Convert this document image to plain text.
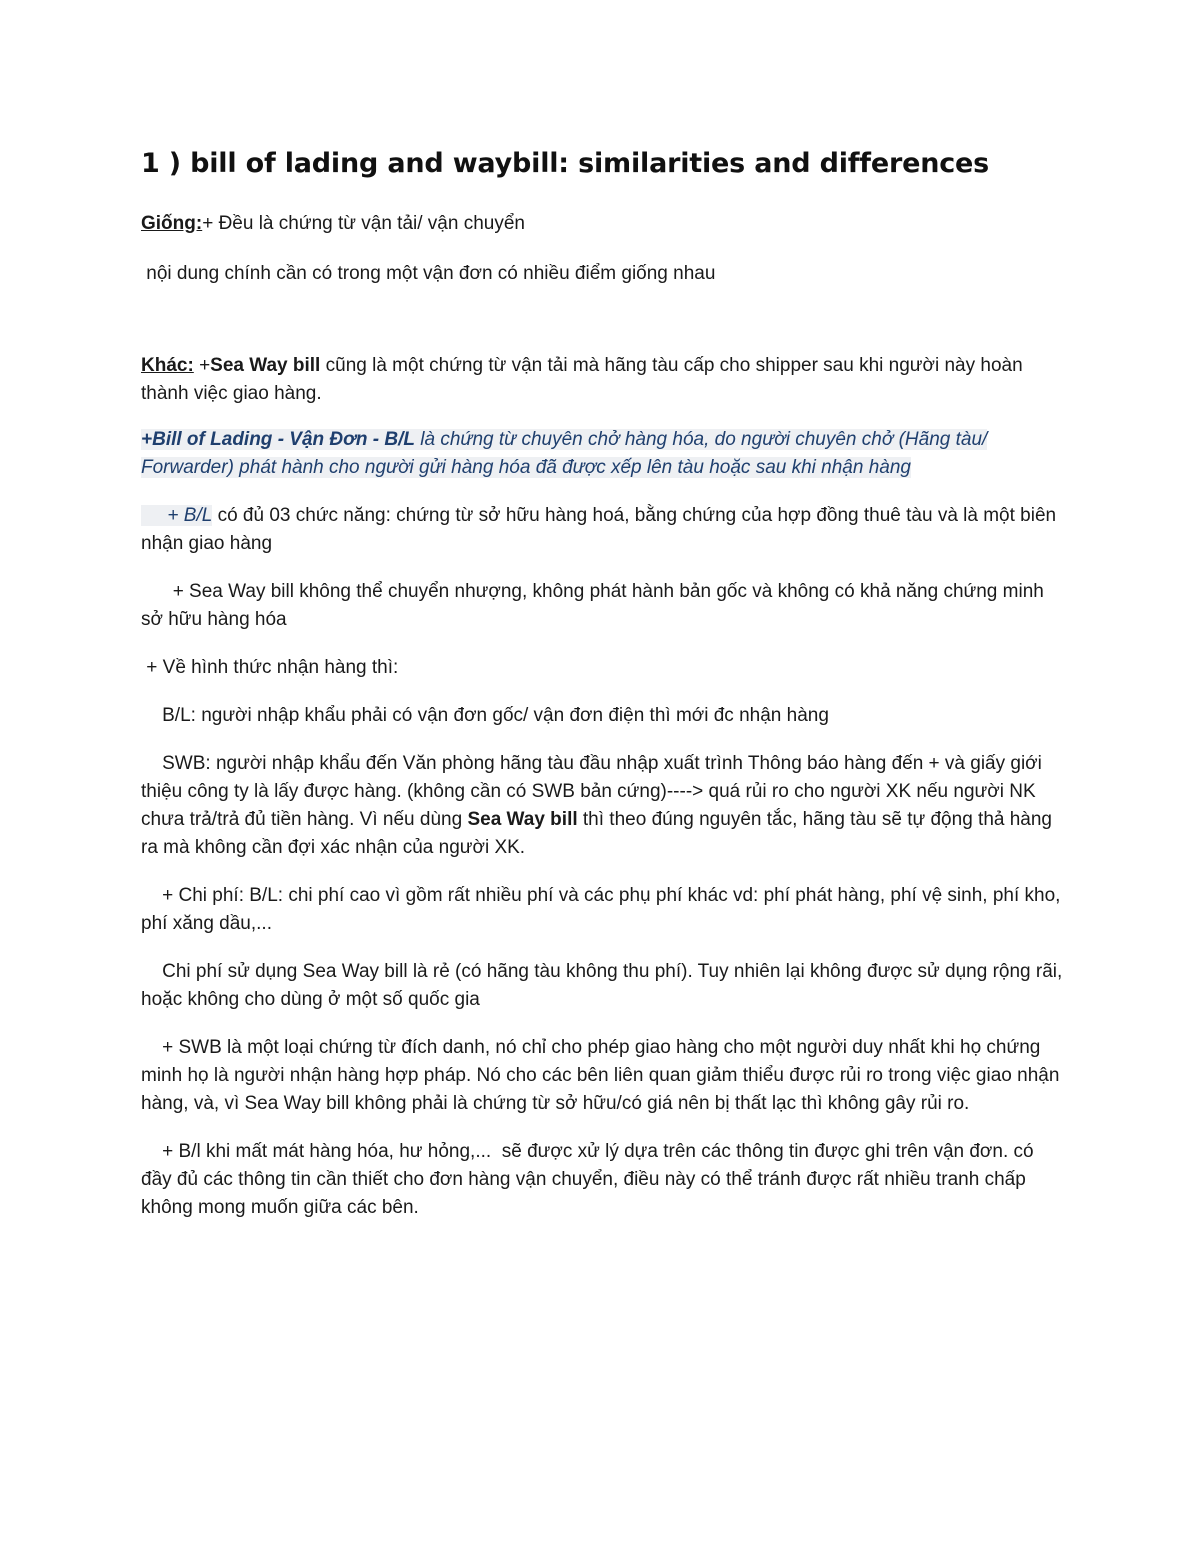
1 ) bill of lading and waybill: similarities and differences

Giống:+ Đều là chứng từ vận tải/ vận chuyển

nội dung chính cần có trong một vận đơn có nhiều điểm giống nhau

Khác: +Sea Way bill cũng là một chứng từ vận tải mà hãng tàu cấp cho shipper sau khi người này hoàn thành việc giao hàng.

+Bill of Lading - Vận Đơn - B/L là chứng từ chuyên chở hàng hóa, do người chuyên chở (Hãng tàu/ Forwarder) phát hành cho người gửi hàng hóa đã được xếp lên tàu hoặc sau khi nhận hàng

+ B/L có đủ 03 chức năng: chứng từ sở hữu hàng hoá, bằng chứng của hợp đồng thuê tàu và là một biên nhận giao hàng

+ Sea Way bill không thể chuyển nhượng, không phát hành bản gốc và không có khả năng chứng minh sở hữu hàng hóa

+ Về hình thức nhận hàng thì:

B/L: người nhập khẩu phải có vận đơn gốc/ vận đơn điện thì mới đc nhận hàng

SWB: người nhập khẩu đến Văn phòng hãng tàu đầu nhập xuất trình Thông báo hàng đến + và giấy giới thiệu công ty là lấy được hàng. (không cần có SWB bản cứng)----> quá rủi ro cho người XK nếu người NK chưa trả/trả đủ tiền hàng. Vì nếu dùng Sea Way bill thì theo đúng nguyên tắc, hãng tàu sẽ tự động thả hàng ra mà không cần đợi xác nhận của người XK.

+ Chi phí: B/L: chi phí cao vì gồm rất nhiều phí và các phụ phí khác vd: phí phát hàng, phí vệ sinh, phí kho, phí xăng dầu,...

Chi phí sử dụng Sea Way bill là rẻ (có hãng tàu không thu phí). Tuy nhiên lại không được sử dụng rộng rãi, hoặc không cho dùng ở một số quốc gia

+ SWB là một loại chứng từ đích danh, nó chỉ cho phép giao hàng cho một người duy nhất khi họ chứng minh họ là người nhận hàng hợp pháp. Nó cho các bên liên quan giảm thiểu được rủi ro trong việc giao nhận hàng, và, vì Sea Way bill không phải là chứng từ sở hữu/có giá nên bị thất lạc thì không gây rủi ro.

+ B/l khi mất mát hàng hóa, hư hỏng,...  sẽ được xử lý dựa trên các thông tin được ghi trên vận đơn. có đầy đủ các thông tin cần thiết cho đơn hàng vận chuyển, điều này có thể tránh được rất nhiều tranh chấp không mong muốn giữa các bên.
